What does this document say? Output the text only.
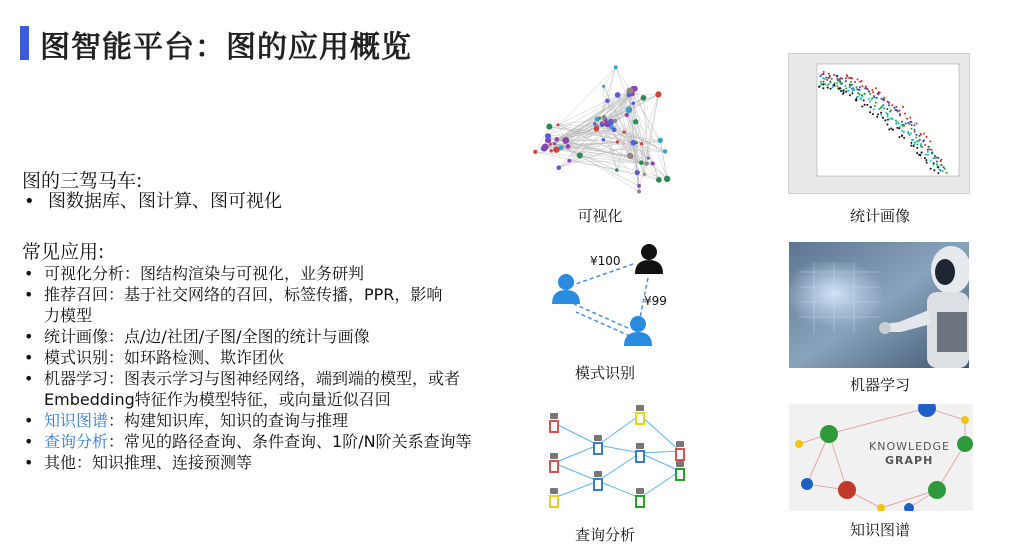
图智能平台：图的应用概览
图的三驾马车:
• 图数据库、图计算、图可视化
常见应用:
• 可视化分析：图结构渲染与可视化，业务研判
• 推荐召回：基于社交网络的召回，标签传播，PPR，影响力模型
• 统计画像：点/边/社团/子图/全图的统计与画像
• 模式识别：如环路检测、欺诈团伙
• 机器学习：图表示学习与图神经网络，端到端的模型，或者Embedding特征作为模型特征，或向量近似召回
• 知识图谱：构建知识库，知识的查询与推理
• 查询分析：常见的路径查询、条件查询、1阶/N阶关系查询等
• 其他：知识推理、连接预测等
可视化	统计画像
¥100
¥99
模式识别
机器学习
查询分析
KNOWLEDGE
GRAPH
知识图谱
